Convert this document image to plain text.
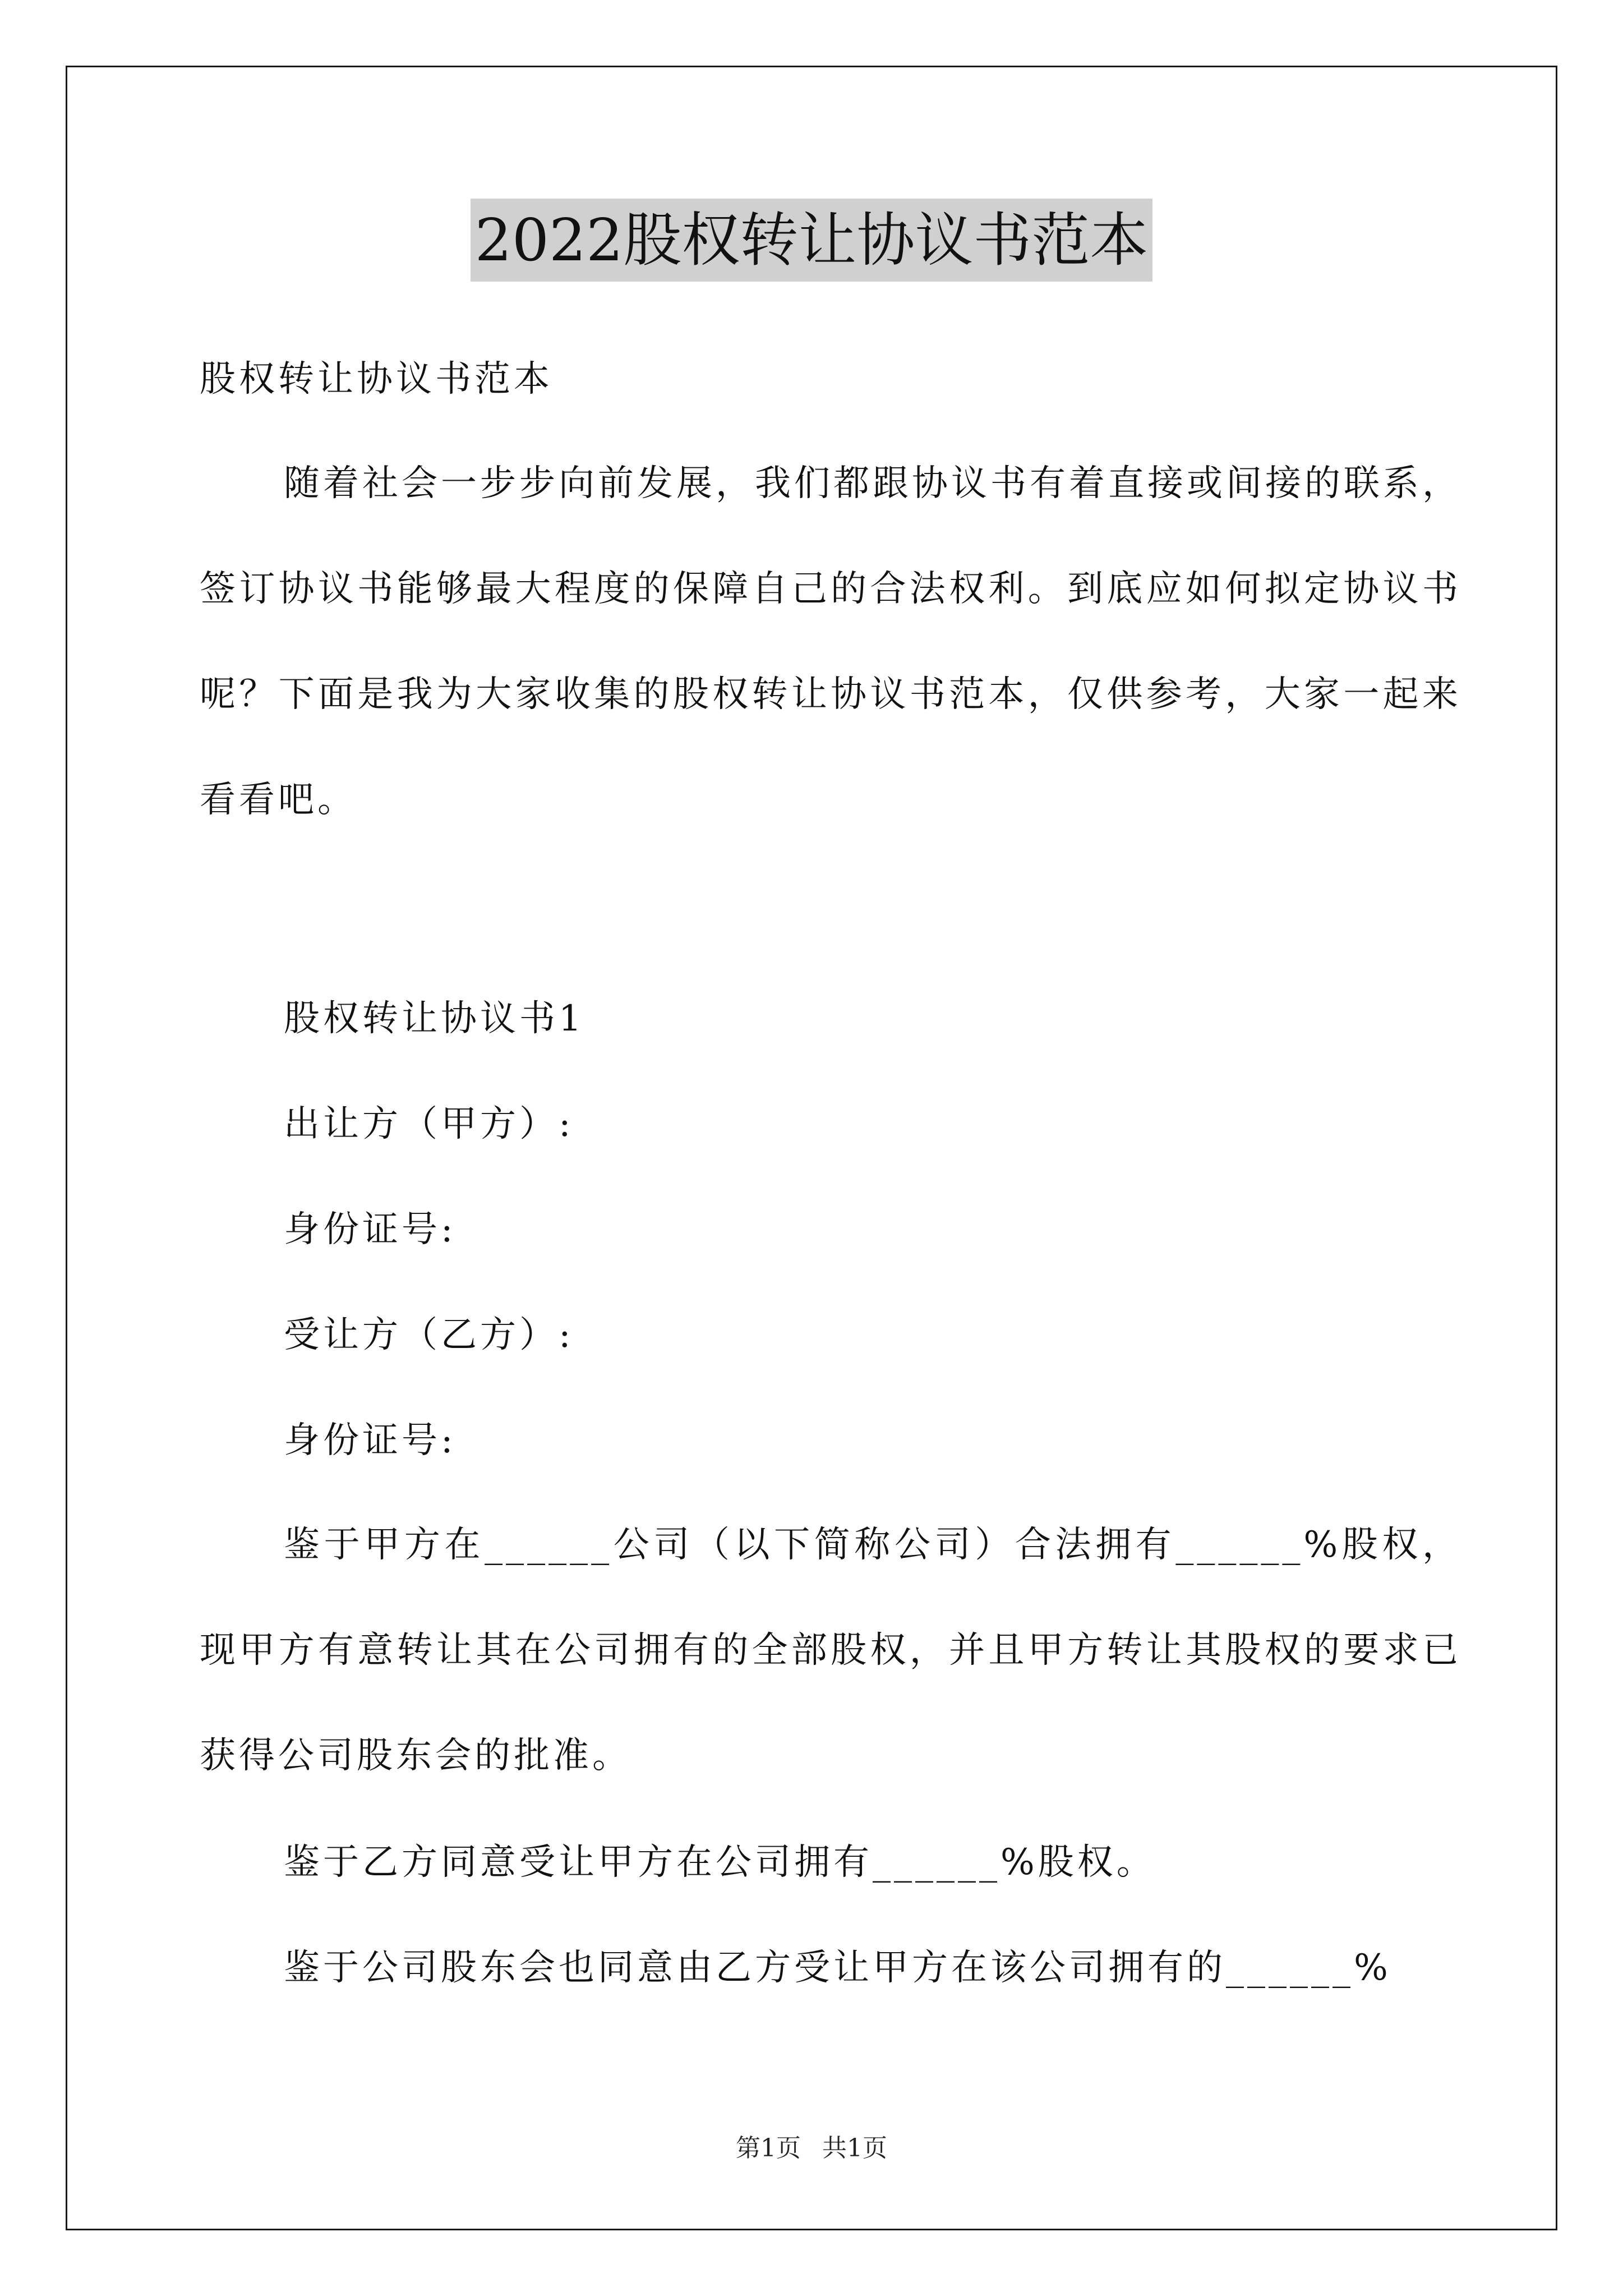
2022股权转让协议书范本

股权转让协议书范本

随着社会一步步向前发展，我们都跟协议书有着直接或间接的联系，签订协议书能够最大程度的保障自己的合法权利。到底应如何拟定协议书呢？下面是我为大家收集的股权转让协议书范本，仅供参考，大家一起来看看吧。

股权转让协议书1

出让方（甲方）:

身份证号:

受让方（乙方）:

身份证号:

鉴于甲方在______公司（以下简称公司）合法拥有______%股权，现甲方有意转让其在公司拥有的全部股权，并且甲方转让其股权的要求已获得公司股东会的批准。

鉴于乙方同意受让甲方在公司拥有______%股权。

鉴于公司股东会也同意由乙方受让甲方在该公司拥有的______%

第1页 共1页
